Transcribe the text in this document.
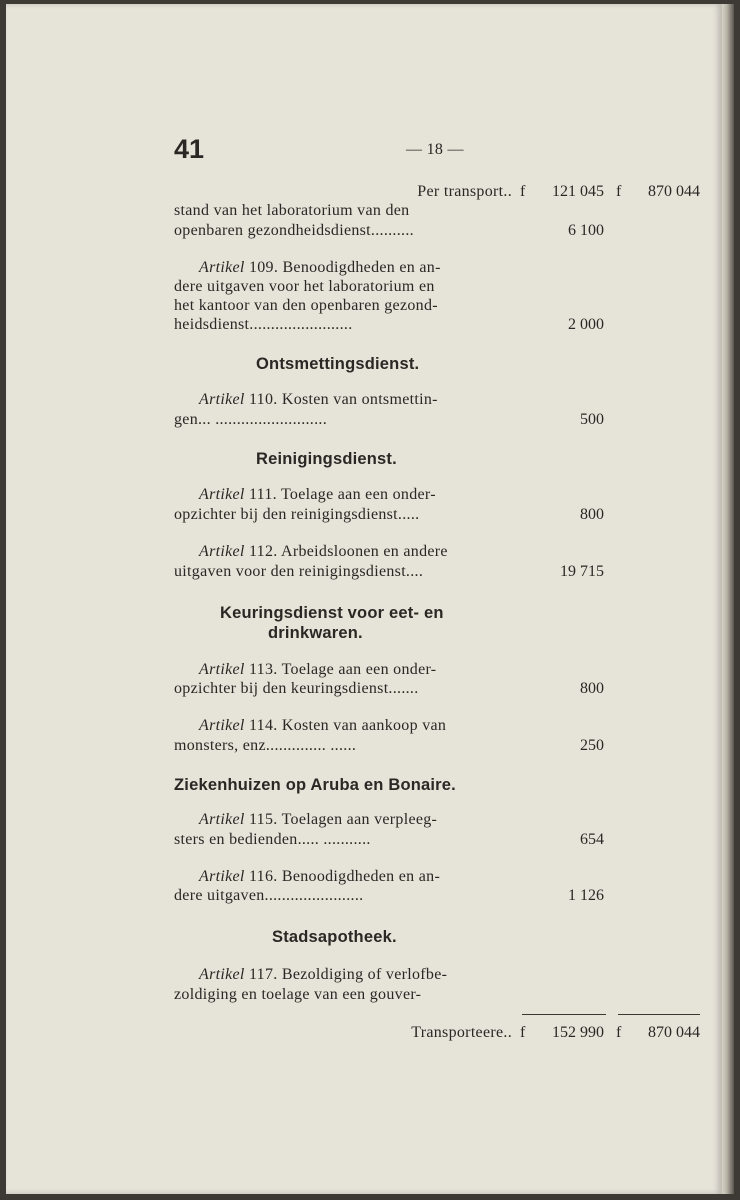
41	— 18 —
Per transport.. f	121 045 f	870 044
stand van het laboratorium van den
openbaren gezondheidsdienst..........	6 100
Artikel 109. Benoodigdheden en an-
dere uitgaven voor het laboratorium en
het kantoor van den openbaren gezond-
heidsdienst........................	2 000
Ontsmettingsdienst.
Artikel 110. Kosten van ontsmettin-
gen... ..........................	500
Reinigingsdienst.
Artikel 111. Toelage aan een onder-
opzichter bij den reinigingsdienst.....	800
Artikel 112. Arbeidsloonen en andere
uitgaven voor den reinigingsdienst....	19 715
Keuringsdienst voor eet- en
drinkwaren.
Artikel 113. Toelage aan een onder-
opzichter bij den keuringsdienst.......	800
Artikel 114. Kosten van aankoop van
monsters, enz.............. ......	250
Ziekenhuizen op Aruba en Bonaire.
Artikel 115. Toelagen aan verpleeg-
sters en bedienden..... ...........	654
Artikel 116. Benoodigdheden en an-
dere uitgaven.......................	1 126
Stadsapotheek.
Artikel 117. Bezoldiging of verlofbe-
zoldiging en toelage van een gouver-
Transporteere.. f	152 990 f	870 044
